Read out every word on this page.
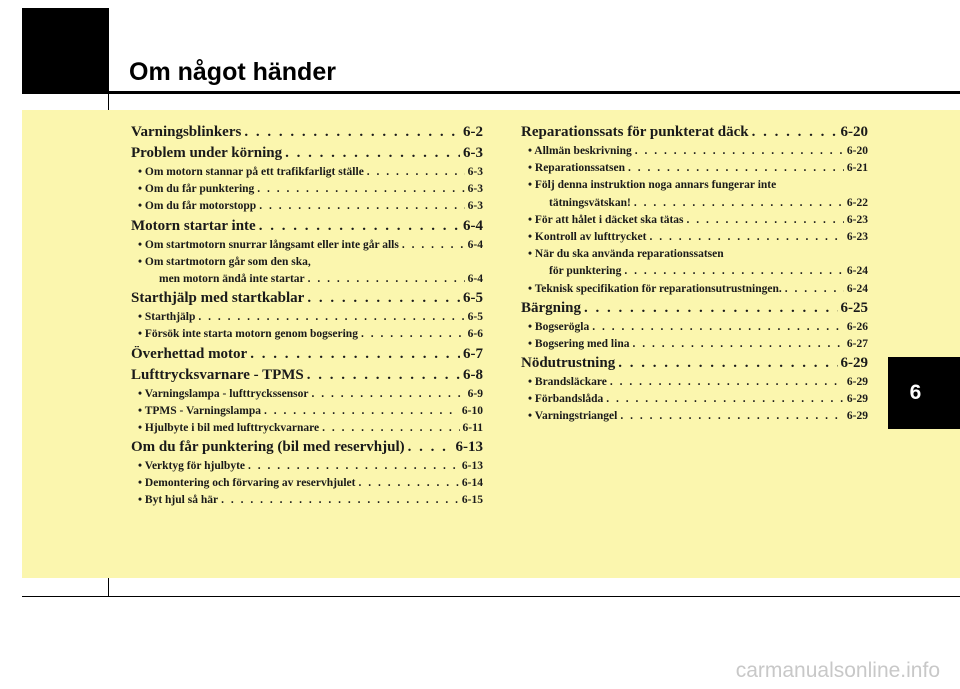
Om något händer
6
Varningsblinkers . . .	6-2
Problem under körning . . .	6-3
• Om motorn stannar på ett trafikfarligt ställe . . .	6-3
• Om du får punktering . . .	6-3
• Om du får motorstopp . . .	6-3
Motorn startar inte . . .	6-4
• Om startmotorn snurrar långsamt eller inte går alls . . .	6-4
• Om startmotorn går som den ska,
men motorn ändå inte startar . . .	6-4
Starthjälp med startkablar . . .	6-5
• Starthjälp . . .	6-5
• Försök inte starta motorn genom bogsering . . .	6-6
Överhettad motor . . .	6-7
Lufttrycksvarnare - TPMS . . .	6-8
• Varningslampa - lufttryckssensor . . .	6-9
• TPMS - Varningslampa . . .	6-10
• Hjulbyte i bil med lufttryckvarnare . . .	6-11
Om du får punktering (bil med reservhjul) . . .	6-13
• Verktyg för hjulbyte . . .	6-13
• Demontering och förvaring av reservhjulet . . .	6-14
• Byt hjul så här . . .	6-15
Reparationssats för punkterat däck . . .	6-20
• Allmän beskrivning . . .	6-20
• Reparationssatsen . . .	6-21
• Följ denna instruktion noga annars fungerar inte
tätningsvätskan! . . .	6-22
• För att hålet i däcket ska tätas . . .	6-23
• Kontroll av lufttrycket . . .	6-23
• När du ska använda reparationssatsen
för punktering . . .	6-24
• Teknisk specifikation för reparationsutrustningen. . . .	6-24
Bärgning . . .	6-25
• Bogserögla . . .	6-26
• Bogsering med lina . . .	6-27
Nödutrustning . . .	6-29
• Brandsläckare . . .	6-29
• Förbandslåda . . .	6-29
• Varningstriangel . . .	6-29
carmanualsonline.info
